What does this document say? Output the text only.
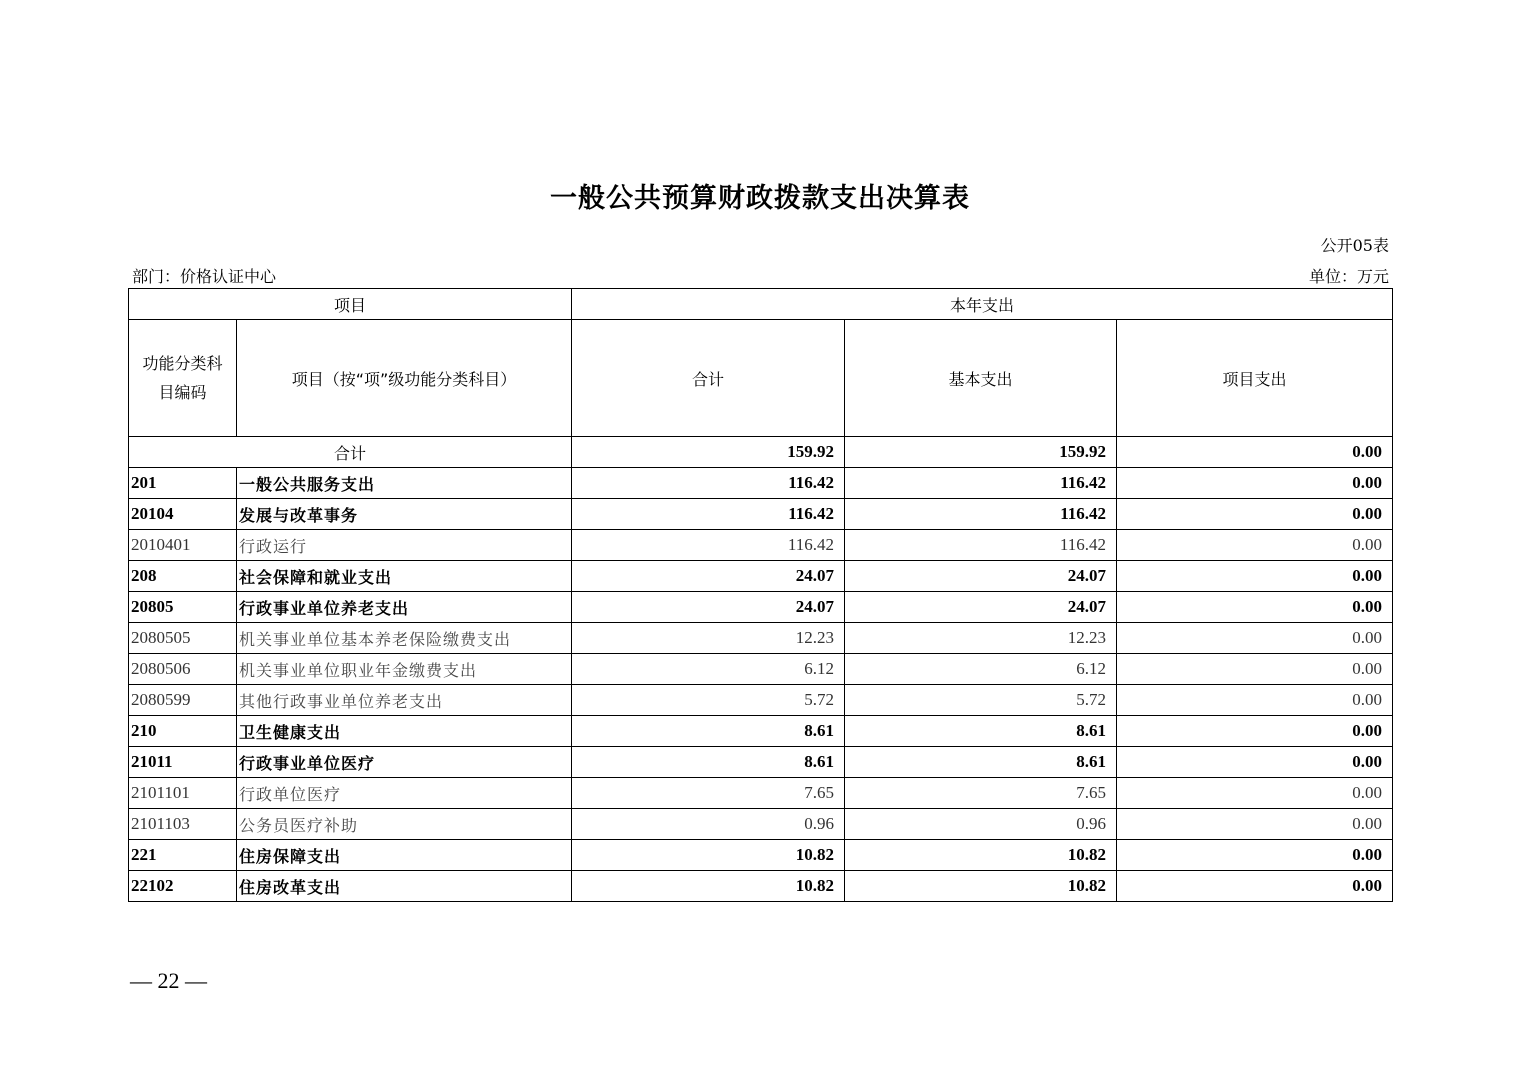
一般公共预算财政拨款支出决算表
公开05表
部门：价格认证中心	单位：万元
项目		本年支出		
功能分类科目编码	项目（按“项”级功能分类科目）	合计	基本支出	项目支出
合计		159.92	159.92	0.00
201	一般公共服务支出	116.42	116.42	0.00
20104	发展与改革事务	116.42	116.42	0.00
2010401	行政运行	116.42	116.42	0.00
208	社会保障和就业支出	24.07	24.07	0.00
20805	行政事业单位养老支出	24.07	24.07	0.00
2080505	机关事业单位基本养老保险缴费支出	12.23	12.23	0.00
2080506	机关事业单位职业年金缴费支出	6.12	6.12	0.00
2080599	其他行政事业单位养老支出	5.72	5.72	0.00
210	卫生健康支出	8.61	8.61	0.00
21011	行政事业单位医疗	8.61	8.61	0.00
2101101	行政单位医疗	7.65	7.65	0.00
2101103	公务员医疗补助	0.96	0.96	0.00
221	住房保障支出	10.82	10.82	0.00
22102	住房改革支出	10.82	10.82	0.00
— 22 —
